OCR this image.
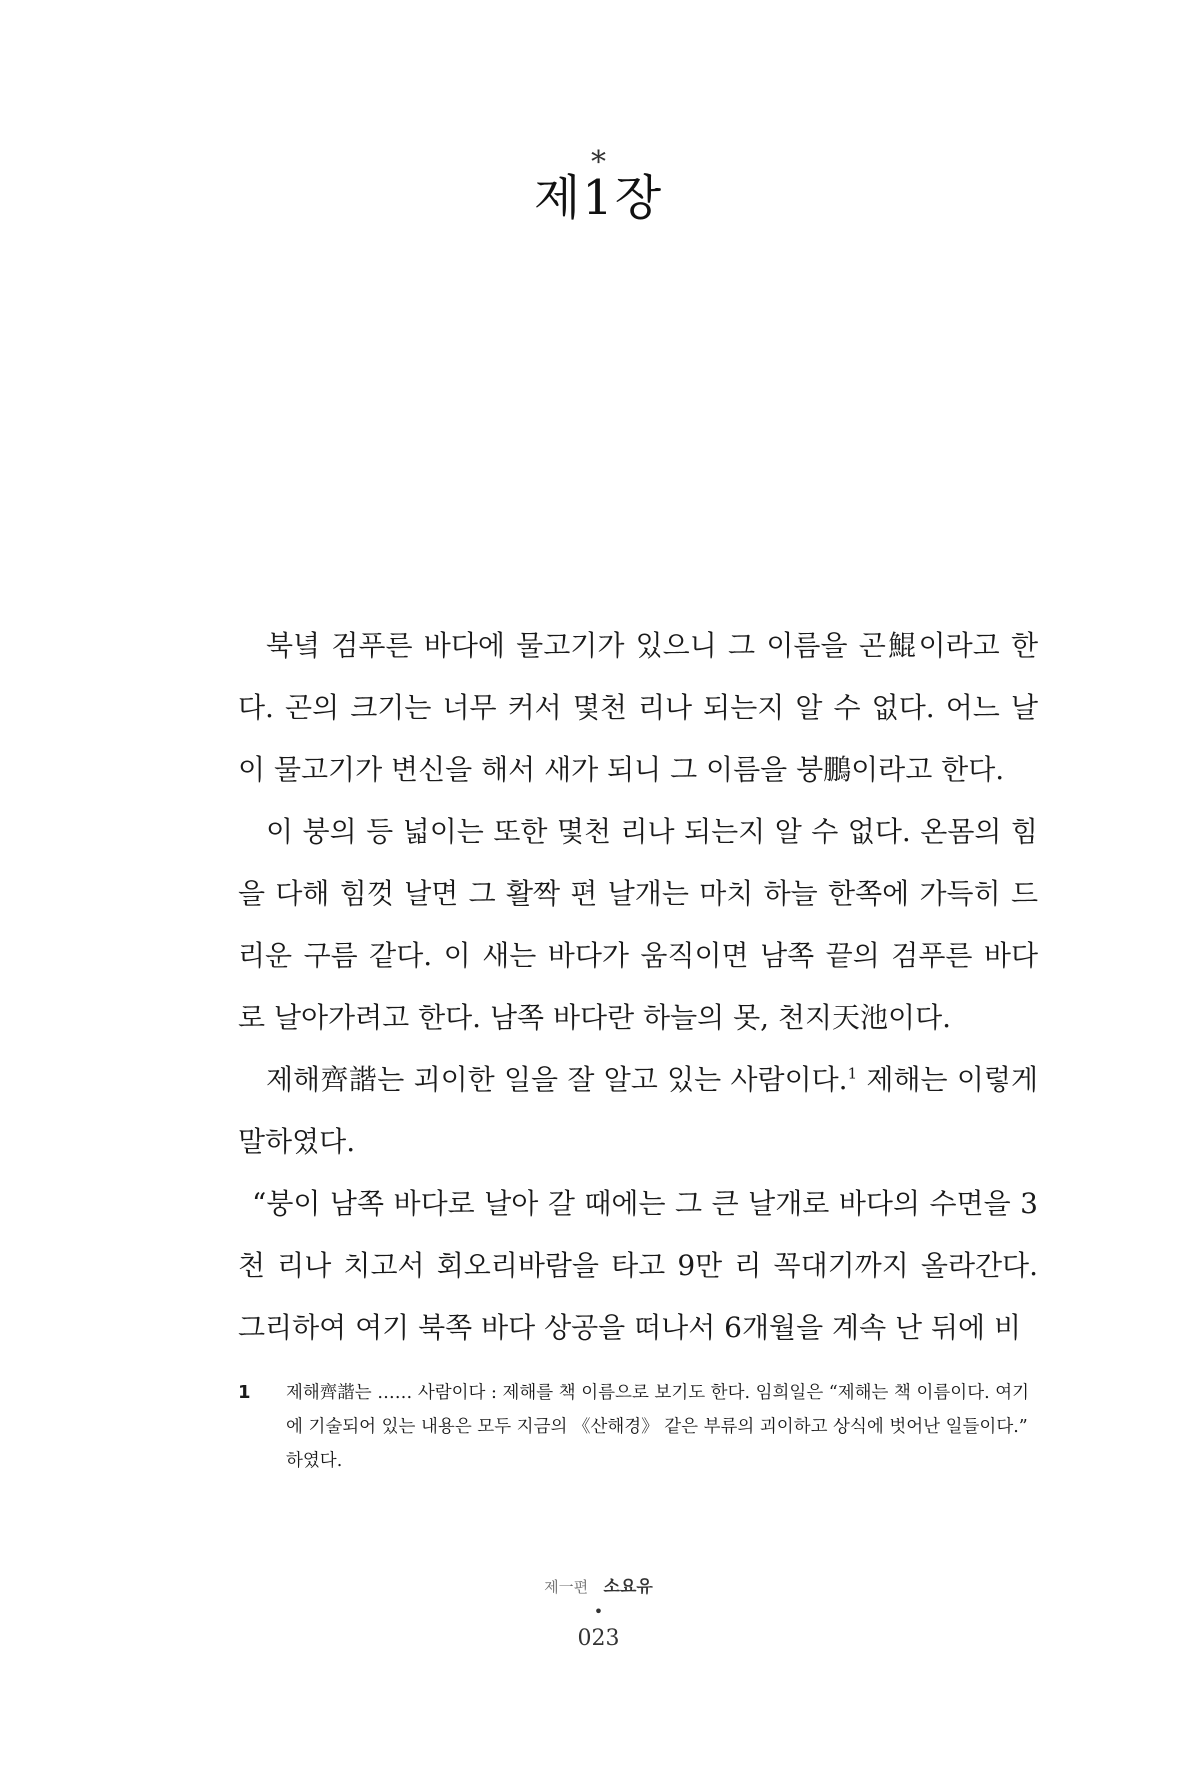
*
제1장

북녘 검푸른 바다에 물고기가 있으니 그 이름을 곤鯤이라고 한다. 곤의 크기는 너무 커서 몇천 리나 되는지 알 수 없다. 어느 날 이 물고기가 변신을 해서 새가 되니 그 이름을 붕鵬이라고 한다.

이 붕의 등 넓이는 또한 몇천 리나 되는지 알 수 없다. 온몸의 힘을 다해 힘껏 날면 그 활짝 편 날개는 마치 하늘 한쪽에 가득히 드리운 구름 같다. 이 새는 바다가 움직이면 남쪽 끝의 검푸른 바다로 날아가려고 한다. 남쪽 바다란 하늘의 못, 천지天池이다.

제해齊諧는 괴이한 일을 잘 알고 있는 사람이다.$^1$ 제해는 이렇게 말하였다.

“붕이 남쪽 바다로 날아 갈 때에는 그 큰 날개로 바다의 수면을 3천 리나 치고서 회오리바람을 타고 9만 리 꼭대기까지 올라간다. 그리하여 여기 북쪽 바다 상공을 떠나서 6개월을 계속 난 뒤에 비

1 제해齊諧는 …… 사람이다 : 제해를 책 이름으로 보기도 한다. 임희일은 “제해는 책 이름이다. 여기에 기술되어 있는 내용은 모두 지금의 《산해경》 같은 부류의 괴이하고 상식에 벗어난 일들이다.” 하였다.
제一편 소요유
•
023
